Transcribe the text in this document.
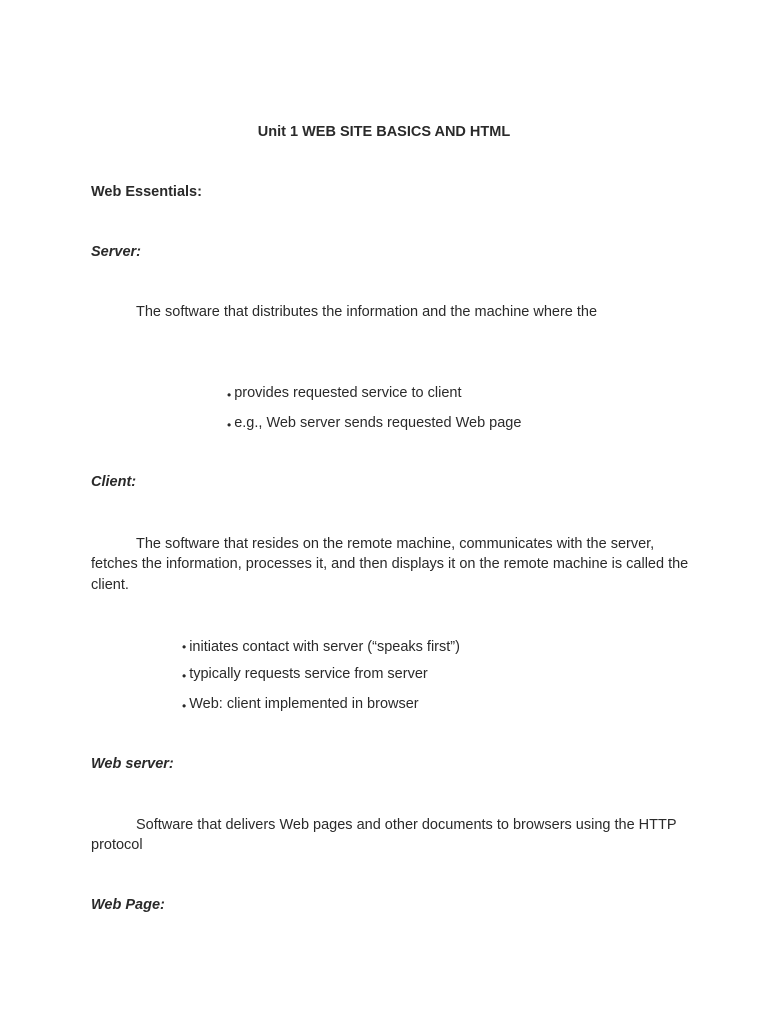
Unit 1 WEB SITE BASICS AND HTML
Web Essentials:
Server:
The software that distributes the information and the machine where the
• provides requested service to client
• e.g., Web server sends requested Web page
Client:
The software that resides on the remote machine, communicates with the server, fetches the information, processes it, and then displays it on the remote machine is called the client.
• initiates contact with server (“speaks first”)
• typically requests service from server
• Web: client implemented in browser
Web server:
Software that delivers Web pages and other documents to browsers using the HTTP protocol
Web Page:
